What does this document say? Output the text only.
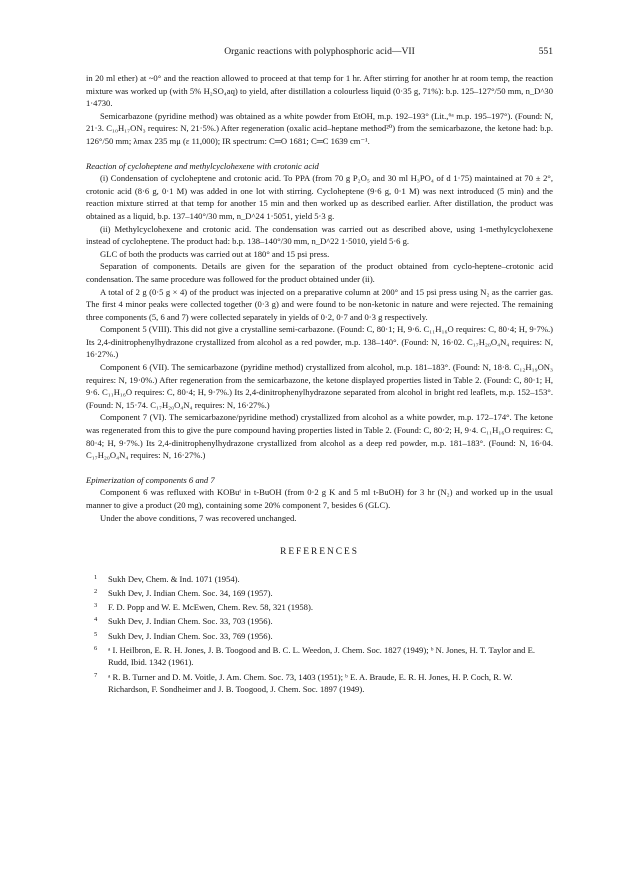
Organic reactions with polyphosphoric acid—VII	551

in 20 ml ether) at ~0° and the reaction allowed to proceed at that temp for 1 hr. After stirring for another hr at room temp, the reaction mixture was worked up (with 5% H₂SO₄aq) to yield, after distillation a colourless liquid (0·35 g, 71%): b.p. 125–127°/50 mm, n_D^30 1·4730.

Semicarbazone (pyridine method) was obtained as a white powder from EtOH, m.p. 192–193° (Lit.,⁶ᵃ m.p. 195–197°). (Found: N, 21·3. C₁₀H₁₇ON₃ requires: N, 21·5%.) After regeneration (oxalic acid–heptane method²⁰) from the semicarbazone, the ketone had: b.p. 126°/50 mm; λmax 235 mμ (ε 11,000); IR spectrum: C═O 1681; C═C 1639 cm⁻¹.

Reaction of cycloheptene and methylcyclohexene with crotonic acid

(i) Condensation of cycloheptene and crotonic acid. To PPA (from 70 g P₂O₅ and 30 ml H₃PO₄ of d 1·75) maintained at 70 ± 2°, crotonic acid (8·6 g, 0·1 M) was added in one lot with stirring. Cycloheptene (9·6 g, 0·1 M) was next introduced (5 min) and the reaction mixture stirred at that temp for another 15 min and then worked up as described earlier. After distillation, the product was obtained as a liquid, b.p. 137–140°/30 mm, n_D^24 1·5051, yield 5·3 g.

(ii) Methylcyclohexene and crotonic acid. The condensation was carried out as described above, using 1-methylcyclohexene instead of cycloheptene. The product had: b.p. 138–140°/30 mm, n_D^22 1·5010, yield 5·6 g.

GLC of both the products was carried out at 180° and 15 psi press.

Separation of components. Details are given for the separation of the product obtained from cyclo-heptene–crotonic acid condensation. The same procedure was followed for the product obtained under (ii).

A total of 2 g (0·5 g × 4) of the product was injected on a preparative column at 200° and 15 psi press using N₂ as the carrier gas. The first 4 minor peaks were collected together (0·3 g) and were found to be non-ketonic in nature and were rejected. The remaining three components (5, 6 and 7) were collected separately in yields of 0·2, 0·7 and 0·3 g respectively.

Component 5 (VIII). This did not give a crystalline semi-carbazone. (Found: C, 80·1; H, 9·6. C₁₁H₁₆O requires: C, 80·4; H, 9·7%.) Its 2,4-dinitrophenylhydrazone crystallized from alcohol as a red powder, m.p. 138–140°. (Found: N, 16·02. C₁₇H₂₀O₄N₄ requires: N, 16·27%.)

Component 6 (VII). The semicarbazone (pyridine method) crystallized from alcohol, m.p. 181–183°. (Found: N, 18·8. C₁₂H₁₉ON₃ requires: N, 19·0%.) After regeneration from the semicarbazone, the ketone displayed properties listed in Table 2. (Found: C, 80·1; H, 9·6. C₁₁H₁₆O requires: C, 80·4; H, 9·7%.) Its 2,4-dinitrophenylhydrazone separated from alcohol in bright red leaflets, m.p. 152–153°. (Found: N, 15·74. C₁₇H₂₀O₄N₄ requires: N, 16·27%.)

Component 7 (VI). The semicarbazone/pyridine method) crystallized from alcohol as a white powder, m.p. 172–174°. The ketone was regenerated from this to give the pure compound having properties listed in Table 2. (Found: C, 80·2; H, 9·4. C₁₁H₁₆O requires: C, 80·4; H, 9·7%.) Its 2,4-dinitrophenylhydrazone crystallized from alcohol as a deep red powder, m.p. 181–183°. (Found: N, 16·04. C₁₇H₂₀O₄N₄ requires: N, 16·27%.)

Epimerization of components 6 and 7

Component 6 was refluxed with KOBuᵗ in t-BuOH (from 0·2 g K and 5 ml t-BuOH) for 3 hr (N₂) and worked up in the usual manner to give a product (20 mg), containing some 20% component 7, besides 6 (GLC).

Under the above conditions, 7 was recovered unchanged.

REFERENCES
1 Sukh Dev, Chem. & Ind. 1071 (1954).
2 Sukh Dev, J. Indian Chem. Soc. 34, 169 (1957).
3 F. D. Popp and W. E. McEwen, Chem. Rev. 58, 321 (1958).
4 Sukh Dev, J. Indian Chem. Soc. 33, 703 (1956).
5 Sukh Dev, J. Indian Chem. Soc. 33, 769 (1956).
6 ᵃ I. Heilbron, E. R. H. Jones, J. B. Toogood and B. C. L. Weedon, J. Chem. Soc. 1827 (1949); ᵇ N. Jones, H. T. Taylor and E. Rudd, Ibid. 1342 (1961).
7 ᵃ R. B. Turner and D. M. Voitle, J. Am. Chem. Soc. 73, 1403 (1951); ᵇ E. A. Braude, E. R. H. Jones, H. P. Coch, R. W. Richardson, F. Sondheimer and J. B. Toogood, J. Chem. Soc. 1897 (1949).
